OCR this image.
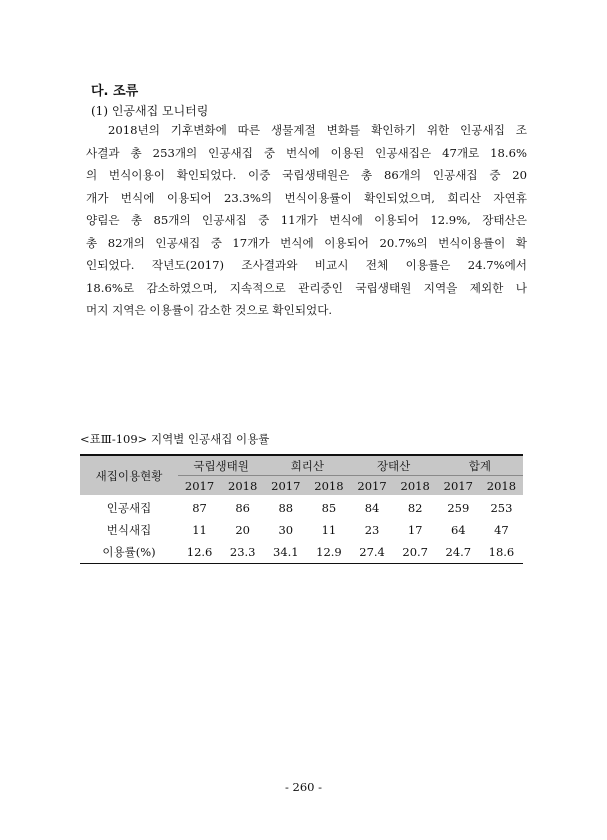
다. 조류
(1) 인공새집 모니터링
2018년의 기후변화에 따른 생물계절 변화를 확인하기 위한 인공새집 조
사결과 총 253개의 인공새집 중 번식에 이용된 인공새집은 47개로 18.6%
의 번식이용이 확인되었다. 이중 국립생태원은 총 86개의 인공새집 중 20
개가 번식에 이용되어 23.3%의 번식이용률이 확인되었으며, 희리산 자연휴
양림은 총 85개의 인공새집 중 11개가 번식에 이용되어 12.9%, 장태산은
총 82개의 인공새집 중 17개가 번식에 이용되어 20.7%의 번식이용률이 확
인되었다. 작년도(2017) 조사결과와 비교시 전체 이용률은 24.7%에서
18.6%로 감소하였으며, 지속적으로 관리중인 국립생태원 지역을 제외한 나
머지 지역은 이용률이 감소한 것으로 확인되었다.
<표Ⅲ-109> 지역별 인공새집 이용률
새집이용현황	국립생태원		희리산		장태산		합계	
	2017	2018	2017	2018	2017	2018	2017	2018
인공새집	87	86	88	85	84	82	259	253
번식새집	11	20	30	11	23	17	64	47
이용률(%)	12.6	23.3	34.1	12.9	27.4	20.7	24.7	18.6
- 260 -
